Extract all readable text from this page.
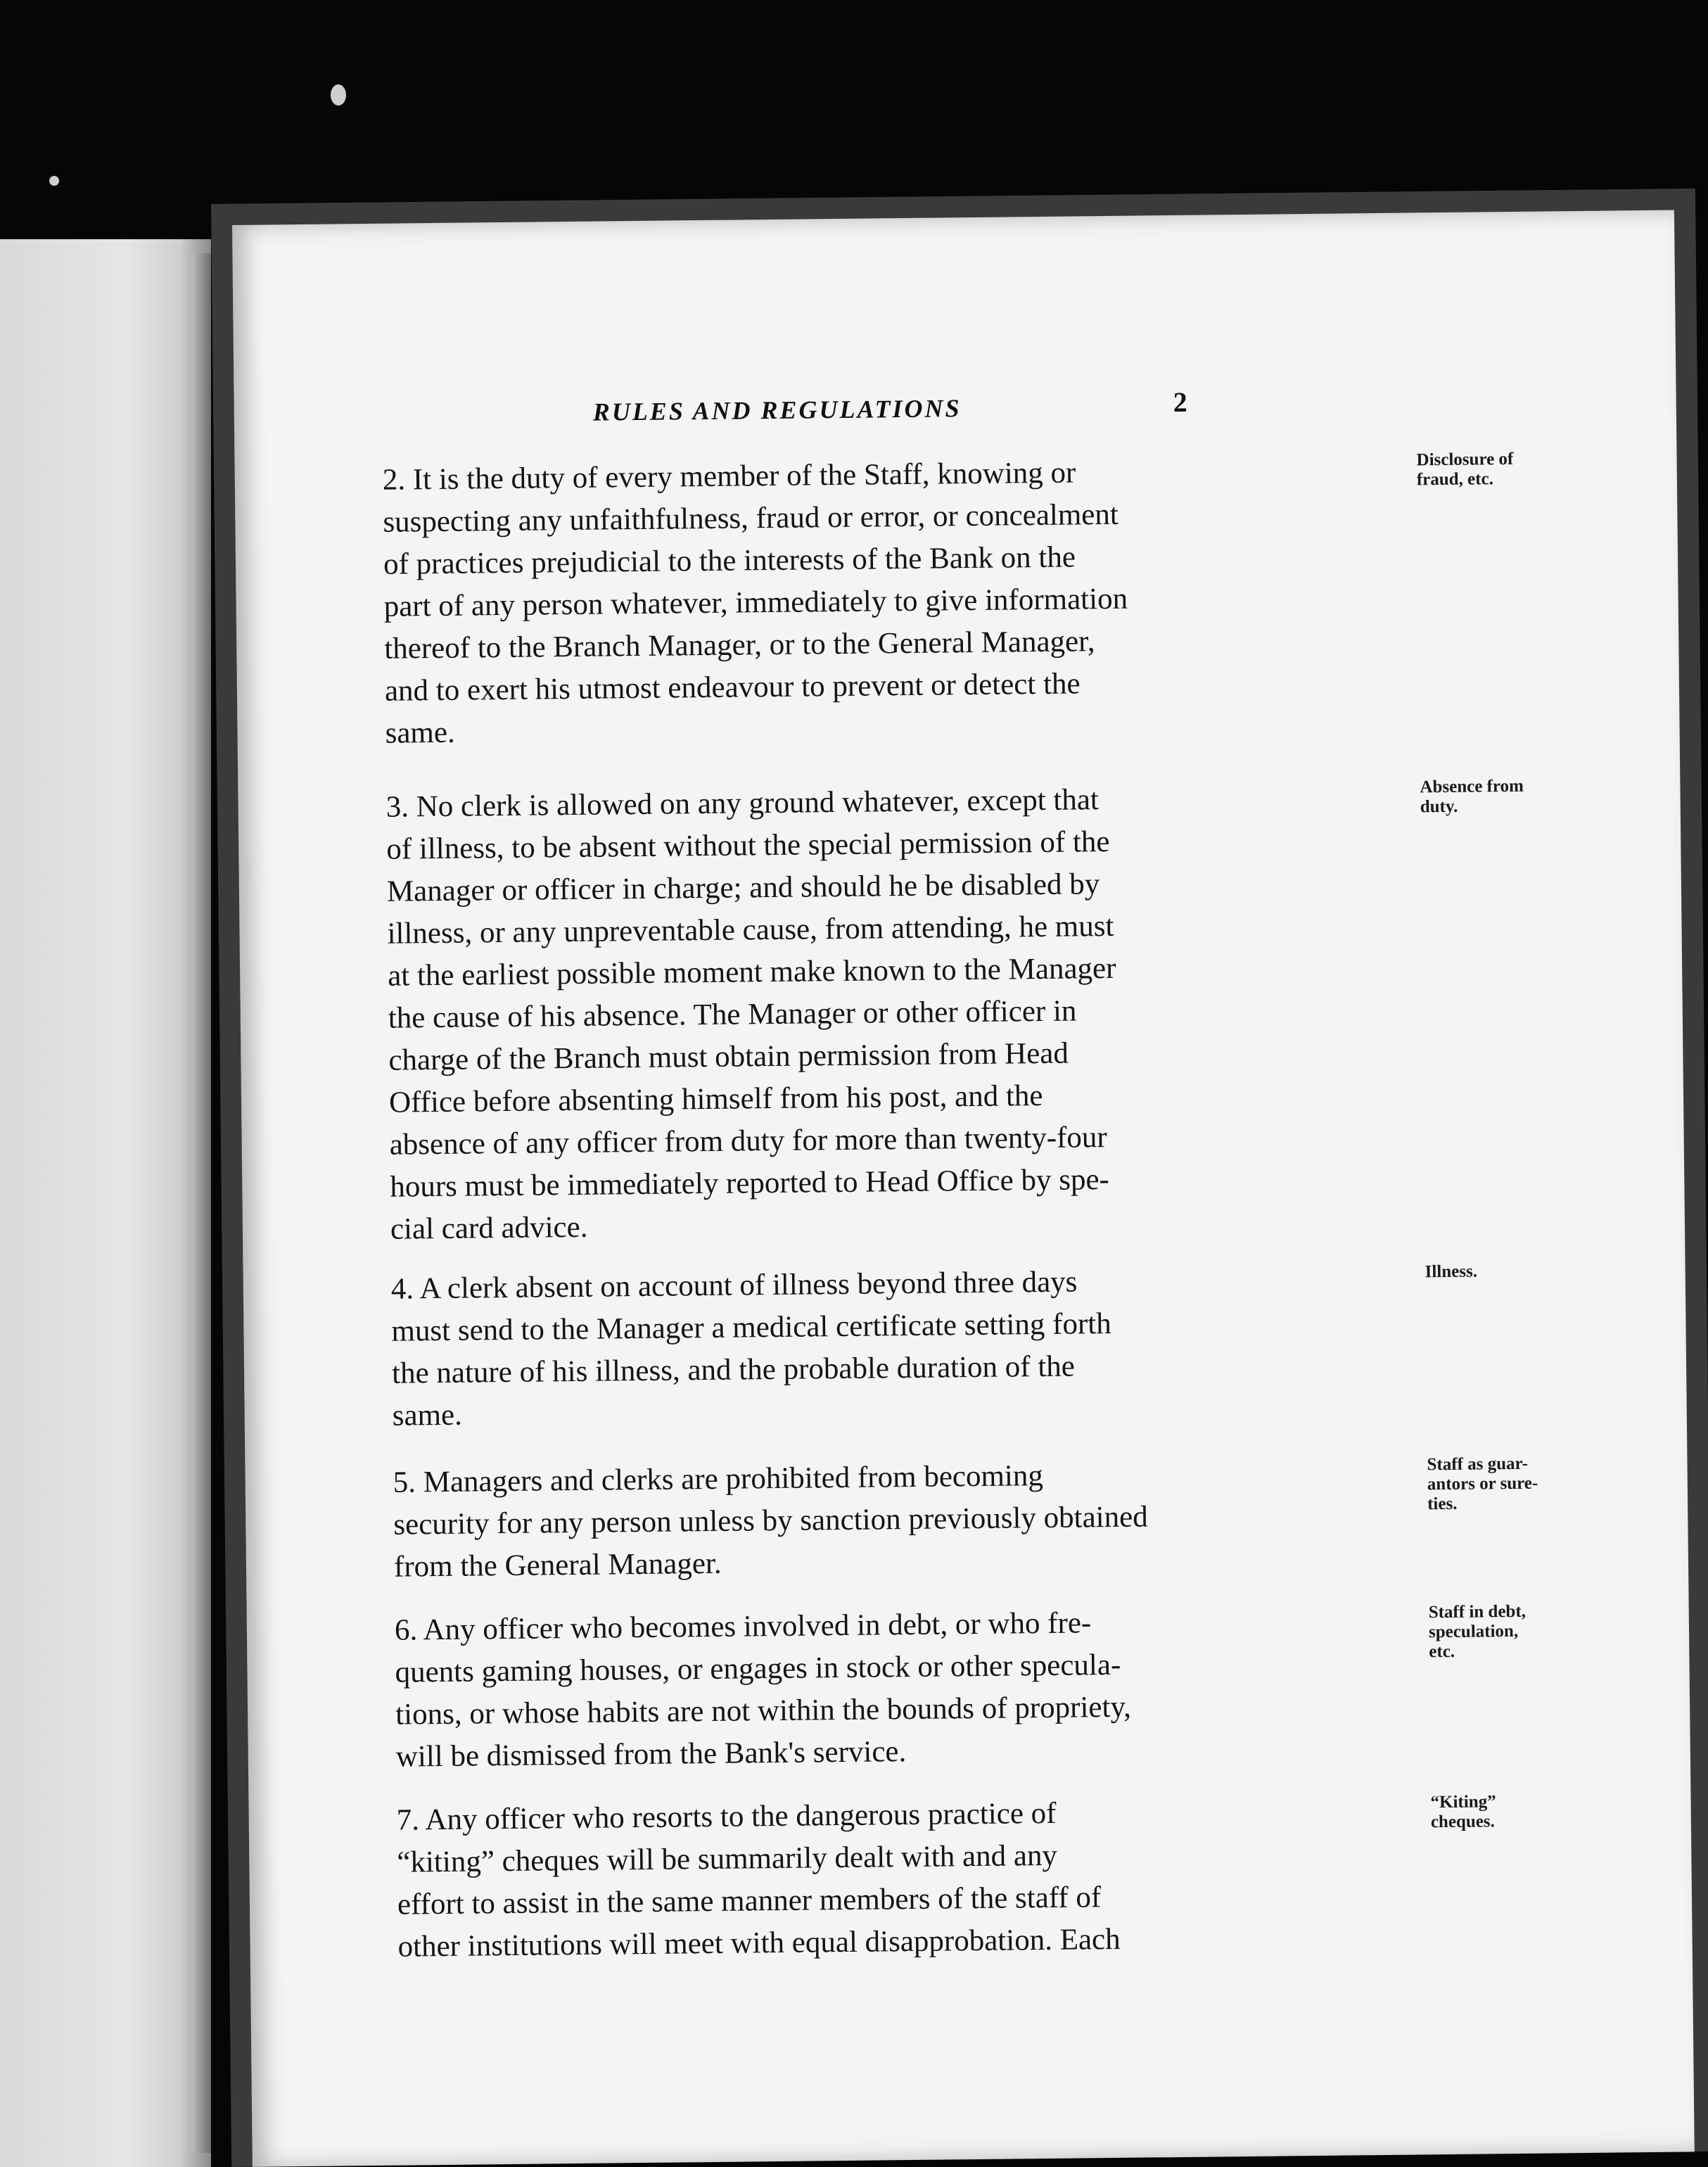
RULES AND REGULATIONS	2
2. It is the duty of every member of the Staff, knowing or
suspecting any unfaithfulness, fraud or error, or concealment
of practices prejudicial to the interests of the Bank on the
part of any person whatever, immediately to give information
thereof to the Branch Manager, or to the General Manager,
and to exert his utmost endeavour to prevent or detect the
same.
Disclosure of
fraud, etc.
3. No clerk is allowed on any ground whatever, except that
of illness, to be absent without the special permission of the
Manager or officer in charge; and should he be disabled by
illness, or any unpreventable cause, from attending, he must
at the earliest possible moment make known to the Manager
the cause of his absence. The Manager or other officer in
charge of the Branch must obtain permission from Head
Office before absenting himself from his post, and the
absence of any officer from duty for more than twenty-four
hours must be immediately reported to Head Office by spe-
cial card advice.
Absence from
duty.
4. A clerk absent on account of illness beyond three days
must send to the Manager a medical certificate setting forth
the nature of his illness, and the probable duration of the
same.
Illness.
5. Managers and clerks are prohibited from becoming
security for any person unless by sanction previously obtained
from the General Manager.
Staff as guar-
antors or sure-
ties.
6. Any officer who becomes involved in debt, or who fre-
quents gaming houses, or engages in stock or other specula-
tions, or whose habits are not within the bounds of propriety,
will be dismissed from the Bank's service.
Staff in debt,
speculation,
etc.
7. Any officer who resorts to the dangerous practice of
“kiting” cheques will be summarily dealt with and any
effort to assist in the same manner members of the staff of
other institutions will meet with equal disapprobation. Each
“Kiting”
cheques.
